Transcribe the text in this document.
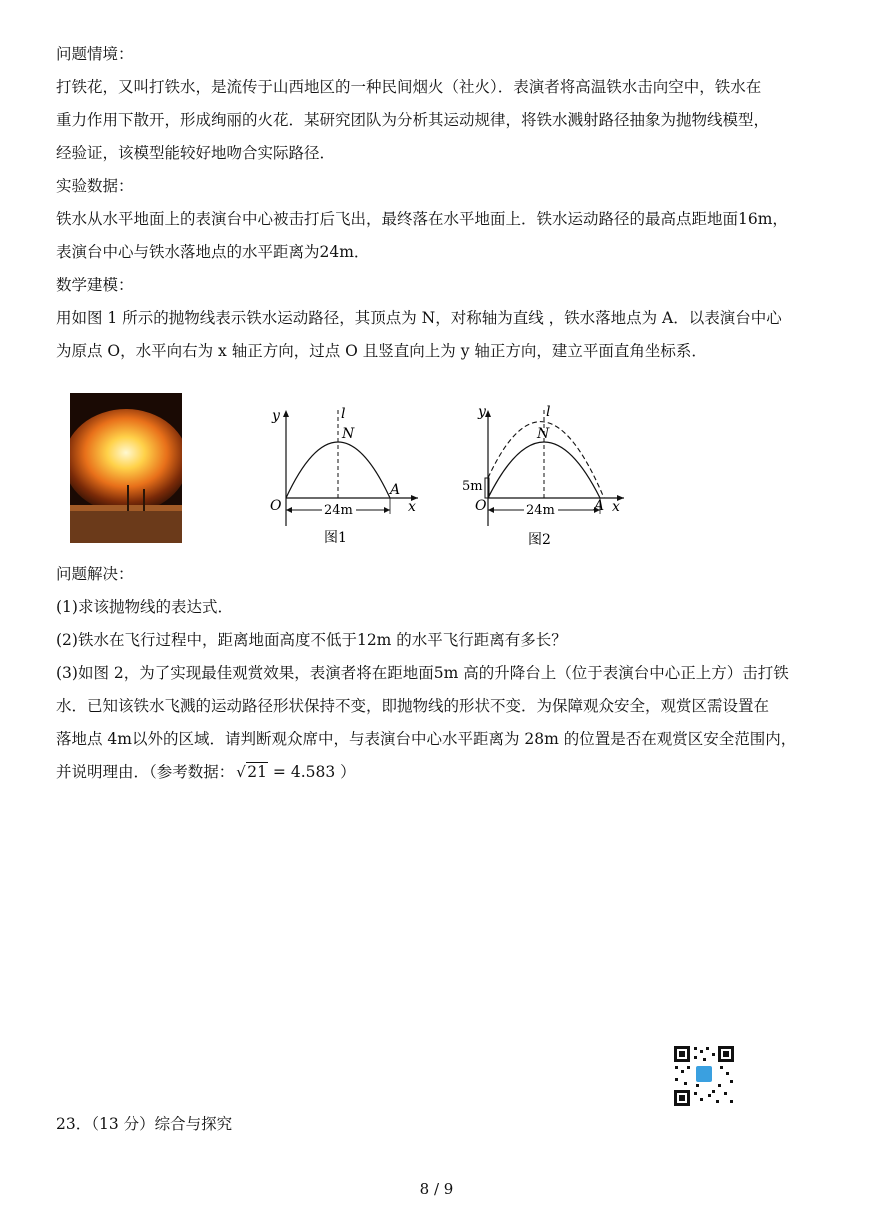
问题情境：
打铁花，又叫打铁水，是流传于山西地区的一种民间烟火（社火）．表演者将高温铁水击向空中，铁水在
重力作用下散开，形成绚丽的火花．某研究团队为分析其运动规律，将铁水溅射路径抽象为抛物线模型，
经验证，该模型能较好地吻合实际路径．
实验数据：
铁水从水平地面上的表演台中心被击打后飞出，最终落在水平地面上．铁水运动路径的最高点距地面16m，
表演台中心与铁水落地点的水平距离为24m．
数学建模：
用如图 1 所示的抛物线表示铁水运动路径，其顶点为 N，对称轴为直线 ，铁水落地点为 A．以表演台中心
为原点 O，水平向右为 x 轴正方向，过点 O 且竖直向上为 y 轴正方向，建立平面直角坐标系．
y
x
l
N
O
A
24m
图1
y
x
l
N
O	A
5m
24m
图2
问题解决：
(1)求该抛物线的表达式．
(2)铁水在飞行过程中，距离地面高度不低于12m 的水平飞行距离有多长？
(3)如图 2，为了实现最佳观赏效果，表演者将在距地面5m 高的升降台上（位于表演台中心正上方）击打铁
水．已知该铁水飞溅的运动路径形状保持不变，即抛物线的形状不变．为保障观众安全，观赏区需设置在
落地点 4m以外的区域．请判断观众席中，与表演台中心水平距离为 28m 的位置是否在观赏区安全范围内，
并说明理由．（参考数据： √ 21 = 4.583 ）
23．（13 分）综合与探究
8 / 9
